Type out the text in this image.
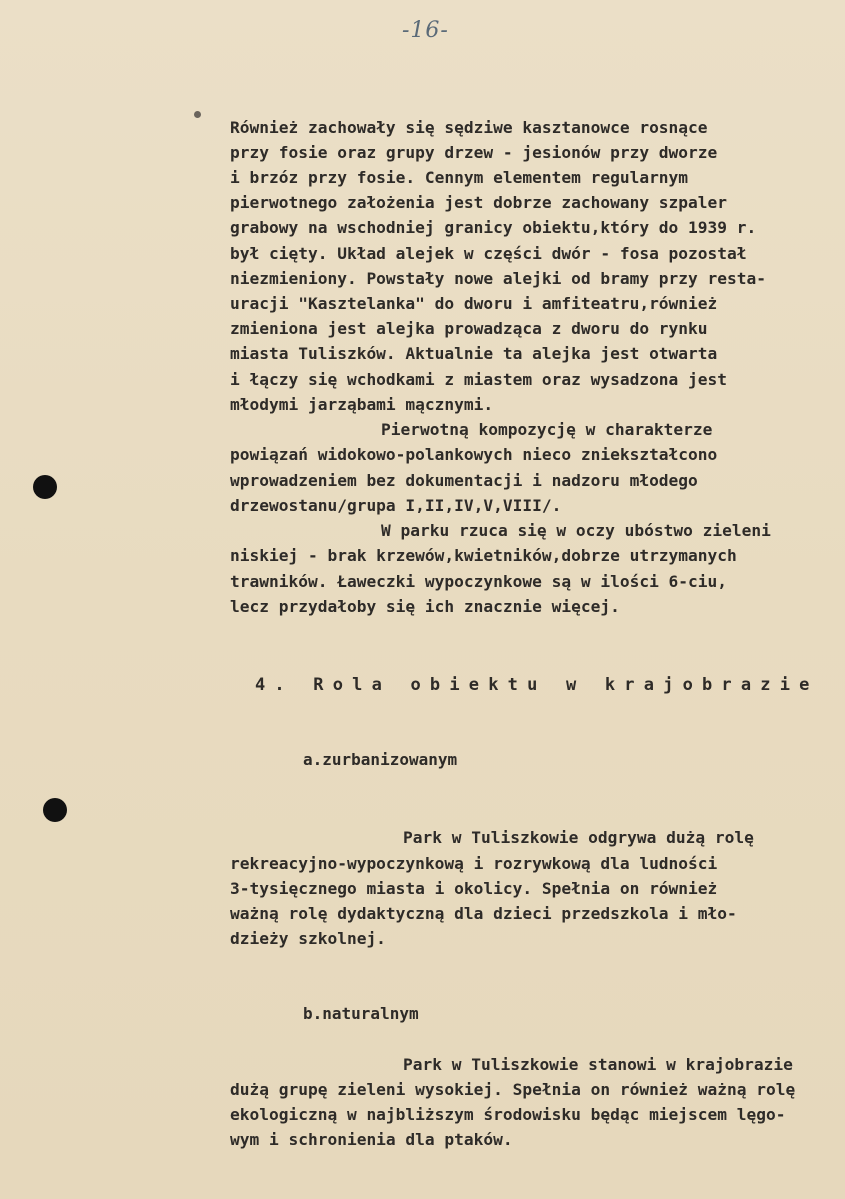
-16-
Również zachowały się sędziwe kasztanowce rosnące
przy fosie oraz grupy drzew - jesionów przy dworze
i brzóz przy fosie. Cennym elementem regularnym
pierwotnego założenia jest dobrze zachowany szpaler
grabowy na wschodniej granicy obiektu,który do 1939 r.
był cięty. Układ alejek w części dwór - fosa pozostał
niezmieniony. Powstały nowe alejki od bramy przy resta-
uracji "Kasztelanka" do dworu i amfiteatru,również
zmieniona jest alejka prowadząca z dworu do rynku
miasta Tuliszków. Aktualnie ta alejka jest otwarta
i łączy się wchodkami z miastem oraz wysadzona jest
młodymi jarząbami mącznymi.
Pierwotną kompozycję w charakterze
powiązań widokowo-polankowych nieco zniekształcono
wprowadzeniem bez dokumentacji i nadzoru młodego
drzewostanu/grupa I,II,IV,V,VIII/.
W parku rzuca się w oczy ubóstwo zieleni
niskiej - brak krzewów,kwietników,dobrze utrzymanych
trawników. Ławeczki wypoczynkowe są w ilości 6-ciu,
lecz przydałoby się ich znacznie więcej.
4. Rola obiektu w krajobrazie
a.zurbanizowanym
Park w Tuliszkowie odgrywa dużą rolę
rekreacyjno-wypoczynkową i rozrywkową dla ludności
3-tysięcznego miasta i okolicy. Spełnia on również
ważną rolę dydaktyczną dla dzieci przedszkola i mło-
dzieży szkolnej.
b.naturalnym
Park w Tuliszkowie stanowi w krajobrazie
dużą grupę zieleni wysokiej. Spełnia on również ważną rolę
ekologiczną w najbliższym środowisku będąc miejscem lęgo-
wym i schronienia dla ptaków.
